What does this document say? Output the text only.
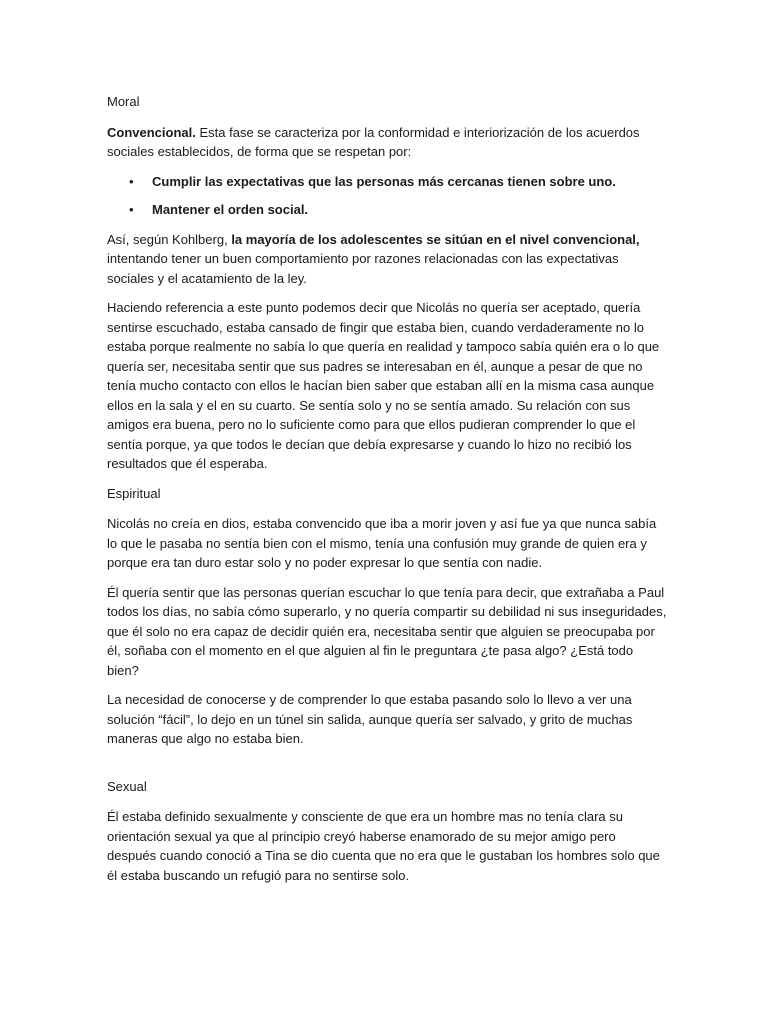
Moral

Convencional. Esta fase se caracteriza por la conformidad e interiorización de los acuerdos sociales establecidos, de forma que se respetan por:

• Cumplir las expectativas que las personas más cercanas tienen sobre uno.
• Mantener el orden social.

Así, según Kohlberg, la mayoría de los adolescentes se sitúan en el nivel convencional, intentando tener un buen comportamiento por razones relacionadas con las expectativas sociales y el acatamiento de la ley.

Haciendo referencia a este punto podemos decir que Nicolás no quería ser aceptado, quería sentirse escuchado, estaba cansado de fingir que estaba bien, cuando verdaderamente no lo estaba porque realmente no sabía lo que quería en realidad y tampoco sabía quién era o lo que quería ser, necesitaba sentir que sus padres se interesaban en él, aunque a pesar de que no tenía mucho contacto con ellos le hacían bien saber que estaban allí en la misma casa aunque ellos en la sala y el en su cuarto. Se sentía solo y no se sentía amado. Su relación con sus amigos era buena, pero no lo suficiente como para que ellos pudieran comprender lo que el sentía porque, ya que todos le decían que debía expresarse y cuando lo hizo no recibió los resultados que él esperaba.

Espiritual

Nicolás no creía en dios, estaba convencido que iba a morir joven y así fue ya que nunca sabía lo que le pasaba no sentía bien con el mismo, tenía una confusión muy grande de quien era y porque era tan duro estar solo y no poder expresar lo que sentía con nadie.

Él quería sentir que las personas querían escuchar lo que tenía para decir, que extrañaba a Paul todos los días, no sabía cómo superarlo, y no quería compartir su debilidad ni sus inseguridades, que él solo no era capaz de decidir quién era, necesitaba sentir que alguien se preocupaba por él, soñaba con el momento en el que alguien al fin le preguntara ¿te pasa algo? ¿Está todo bien?

La necesidad de conocerse y de comprender lo que estaba pasando solo lo llevo a ver una solución “fácil”, lo dejo en un túnel sin salida, aunque quería ser salvado, y grito de muchas maneras que algo no estaba bien.

Sexual

Él estaba definido sexualmente y consciente de que era un hombre mas no tenía clara su orientación sexual ya que al principio creyó haberse enamorado de su mejor amigo pero después cuando conoció a Tina se dio cuenta que no era que le gustaban los hombres solo que él estaba buscando un refugió para no sentirse solo.
